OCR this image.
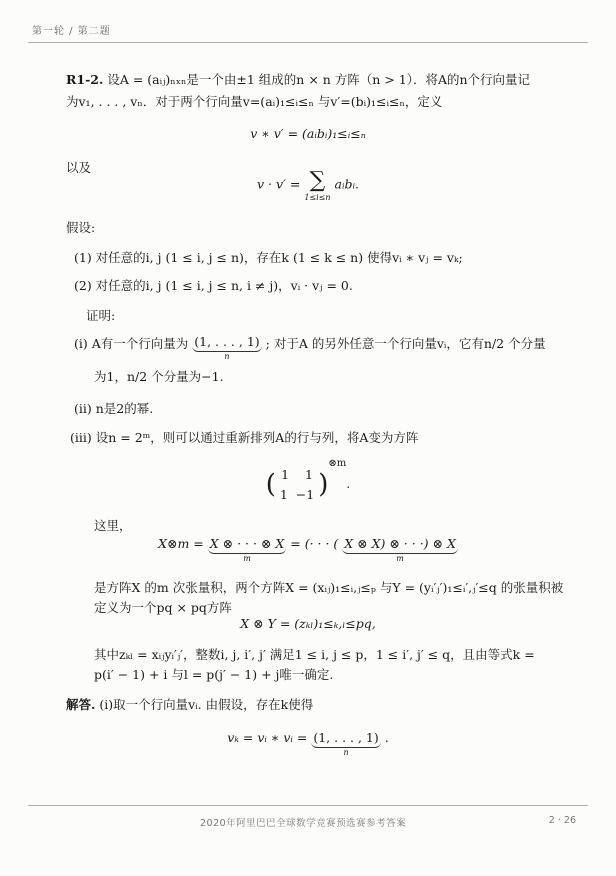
第一轮 / 第二题
R1-2. 设A = (aᵢⱼ)ₙₓₙ是一个由±1 组成的n × n 方阵（n > 1）．将A的n个行向量记
为v₁, . . . , vₙ．对于两个行向量v=(aᵢ)₁≤ᵢ≤ₙ 与v′=(bᵢ)₁≤ᵢ≤ₙ，定义
v ∗ v′ = (aᵢbᵢ)₁≤ᵢ≤ₙ
以及
v · v′ = ∑
1≤i≤n
aᵢbᵢ.
假设:
(1) 对任意的i, j (1 ≤ i, j ≤ n)，存在k (1 ≤ k ≤ n) 使得vᵢ ∗ vⱼ = vₖ;
(2) 对任意的i, j (1 ≤ i, j ≤ n, i ≠ j)，vᵢ · vⱼ = 0.
证明:
(i) A有一个行向量为 (1, . . . , 1)
n
; 对于A 的另外任意一个行向量vᵢ，它有n/2 个分量
为1，n/2 个分量为−1.
(ii) n是2的幂.
(iii) 设n = 2ᵐ，则可以通过重新排列A的行与列，将A变为方阵
( 1 1
1 −1 )$^{\otimes m}$.
这里，
X⊗m = X ⊗ · · · ⊗ X
m
= (· · · ( X ⊗ X) ⊗ · · ·) ⊗ X
m
是方阵X 的m 次张量积，两个方阵X = (xᵢⱼ)₁≤ᵢ,ⱼ≤ₚ 与Y = (yᵢ′ⱼ′)₁≤ᵢ′,ⱼ′≤q 的张量积被
定义为一个pq × pq方阵
X ⊗ Y = (zₖₗ)₁≤ₖ,ₗ≤pq,
其中zₖₗ = xᵢⱼyᵢ′ⱼ′，整数i, j, i′, j′ 满足1 ≤ i, j ≤ p，1 ≤ i′, j′ ≤ q，且由等式k =
p(i′ − 1) + i 与l = p(j′ − 1) + j唯一确定.
解答. (i)取一个行向量vᵢ. 由假设，存在k使得
vₖ = vᵢ ∗ vᵢ = (1, . . . , 1)
n
.
2020年阿里巴巴全球数学竞赛预选赛参考答案	2 · 26
